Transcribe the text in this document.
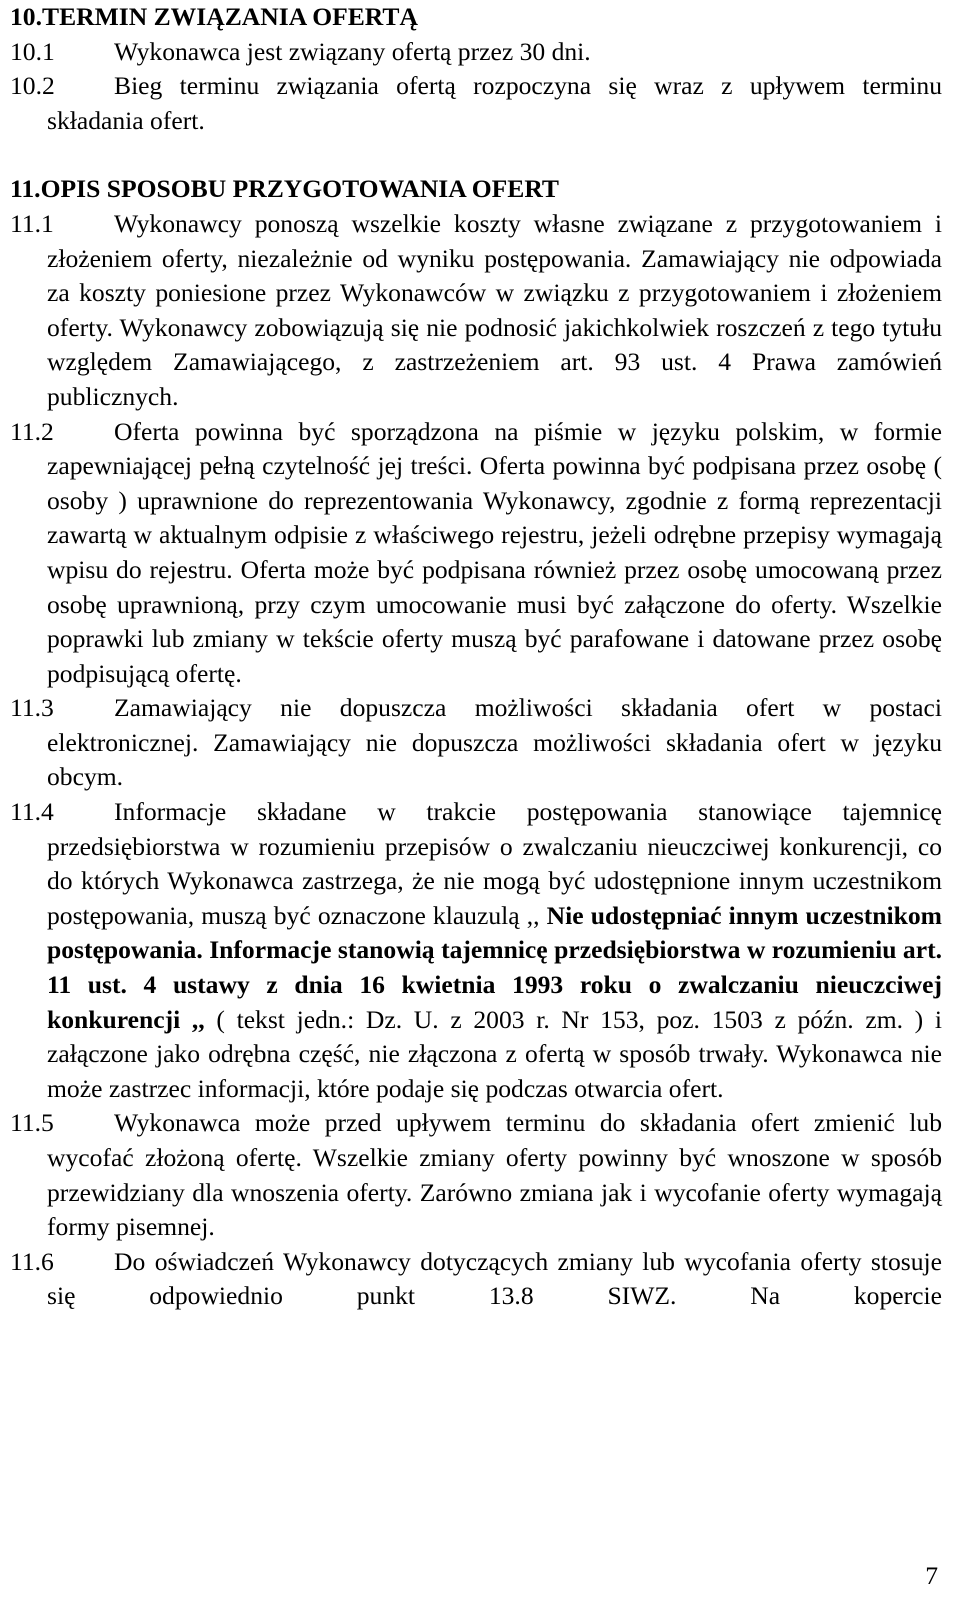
10.TERMIN ZWIĄZANIA OFERTĄ
10.1 Wykonawca jest związany ofertą przez 30 dni.
10.2 Bieg terminu związania ofertą rozpoczyna się wraz z upływem terminu składania ofert.
11.OPIS SPOSOBU PRZYGOTOWANIA OFERT
11.1 Wykonawcy ponoszą wszelkie koszty własne związane z przygotowaniem i złożeniem oferty, niezależnie od wyniku postępowania. Zamawiający nie odpowiada za koszty poniesione przez Wykonawców w związku z przygotowaniem i złożeniem oferty. Wykonawcy zobowiązują się nie podnosić jakichkolwiek roszczeń z tego tytułu względem Zamawiającego, z zastrzeżeniem art. 93 ust. 4 Prawa zamówień publicznych.
11.2 Oferta powinna być sporządzona na piśmie w języku polskim, w formie zapewniającej pełną czytelność jej treści. Oferta powinna być podpisana przez osobę ( osoby ) uprawnione do reprezentowania Wykonawcy, zgodnie z formą reprezentacji zawartą w aktualnym odpisie z właściwego rejestru, jeżeli odrębne przepisy wymagają wpisu do rejestru. Oferta może być podpisana również przez osobę umocowaną przez osobę uprawnioną, przy czym umocowanie musi być załączone do oferty. Wszelkie poprawki lub zmiany w tekście oferty muszą być parafowane i datowane przez osobę podpisującą ofertę.
11.3 Zamawiający nie dopuszcza możliwości składania ofert w postaci elektronicznej. Zamawiający nie dopuszcza możliwości składania ofert w języku obcym.
11.4 Informacje składane w trakcie postępowania stanowiące tajemnicę przedsiębiorstwa w rozumieniu przepisów o zwalczaniu nieuczciwej konkurencji, co do których Wykonawca zastrzega, że nie mogą być udostępnione innym uczestnikom postępowania, muszą być oznaczone klauzulą ,, Nie udostępniać innym uczestnikom postępowania. Informacje stanowią tajemnicę przedsiębiorstwa w rozumieniu art. 11 ust. 4 ustawy z dnia 16 kwietnia 1993 roku o zwalczaniu nieuczciwej konkurencji ,, ( tekst jedn.: Dz. U. z 2003 r. Nr 153, poz. 1503 z późn. zm. ) i załączone jako odrębna część, nie złączona z ofertą w sposób trwały. Wykonawca nie może zastrzec informacji, które podaje się podczas otwarcia ofert.
11.5 Wykonawca może przed upływem terminu do składania ofert zmienić lub wycofać złożoną ofertę. Wszelkie zmiany oferty powinny być wnoszone w sposób przewidziany dla wnoszenia oferty. Zarówno zmiana jak i wycofanie oferty wymagają formy pisemnej.
11.6 Do oświadczeń Wykonawcy dotyczących zmiany lub wycofania oferty stosuje się odpowiednio punkt 13.8 SIWZ. Na kopercie
7
